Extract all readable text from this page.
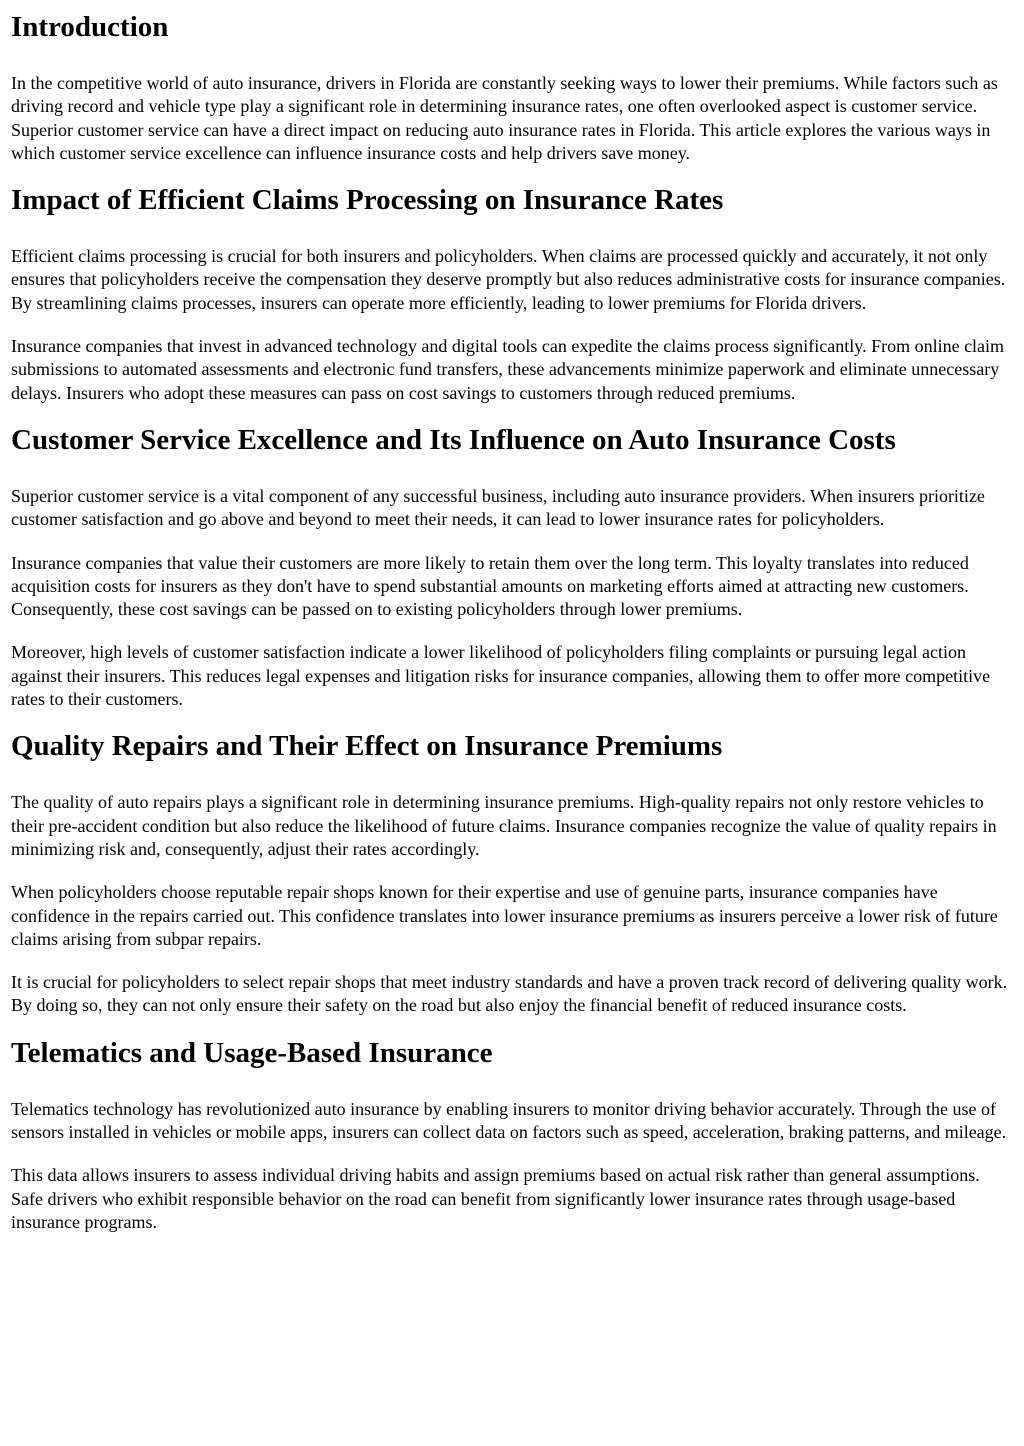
Introduction

In the competitive world of auto insurance, drivers in Florida are constantly seeking ways to lower their premiums. While factors such as driving record and vehicle type play a significant role in determining insurance rates, one often overlooked aspect is customer service. Superior customer service can have a direct impact on reducing auto insurance rates in Florida. This article explores the various ways in which customer service excellence can influence insurance costs and help drivers save money.

Impact of Efficient Claims Processing on Insurance Rates

Efficient claims processing is crucial for both insurers and policyholders. When claims are processed quickly and accurately, it not only ensures that policyholders receive the compensation they deserve promptly but also reduces administrative costs for insurance companies. By streamlining claims processes, insurers can operate more efficiently, leading to lower premiums for Florida drivers.

Insurance companies that invest in advanced technology and digital tools can expedite the claims process significantly. From online claim submissions to automated assessments and electronic fund transfers, these advancements minimize paperwork and eliminate unnecessary delays. Insurers who adopt these measures can pass on cost savings to customers through reduced premiums.

Customer Service Excellence and Its Influence on Auto Insurance Costs

Superior customer service is a vital component of any successful business, including auto insurance providers. When insurers prioritize customer satisfaction and go above and beyond to meet their needs, it can lead to lower insurance rates for policyholders.

Insurance companies that value their customers are more likely to retain them over the long term. This loyalty translates into reduced acquisition costs for insurers as they don't have to spend substantial amounts on marketing efforts aimed at attracting new customers. Consequently, these cost savings can be passed on to existing policyholders through lower premiums.

Moreover, high levels of customer satisfaction indicate a lower likelihood of policyholders filing complaints or pursuing legal action against their insurers. This reduces legal expenses and litigation risks for insurance companies, allowing them to offer more competitive rates to their customers.

Quality Repairs and Their Effect on Insurance Premiums

The quality of auto repairs plays a significant role in determining insurance premiums. High-quality repairs not only restore vehicles to their pre-accident condition but also reduce the likelihood of future claims. Insurance companies recognize the value of quality repairs in minimizing risk and, consequently, adjust their rates accordingly.

When policyholders choose reputable repair shops known for their expertise and use of genuine parts, insurance companies have confidence in the repairs carried out. This confidence translates into lower insurance premiums as insurers perceive a lower risk of future claims arising from subpar repairs.

It is crucial for policyholders to select repair shops that meet industry standards and have a proven track record of delivering quality work. By doing so, they can not only ensure their safety on the road but also enjoy the financial benefit of reduced insurance costs.

Telematics and Usage-Based Insurance

Telematics technology has revolutionized auto insurance by enabling insurers to monitor driving behavior accurately. Through the use of sensors installed in vehicles or mobile apps, insurers can collect data on factors such as speed, acceleration, braking patterns, and mileage.

This data allows insurers to assess individual driving habits and assign premiums based on actual risk rather than general assumptions. Safe drivers who exhibit responsible behavior on the road can benefit from significantly lower insurance rates through usage-based insurance programs.
